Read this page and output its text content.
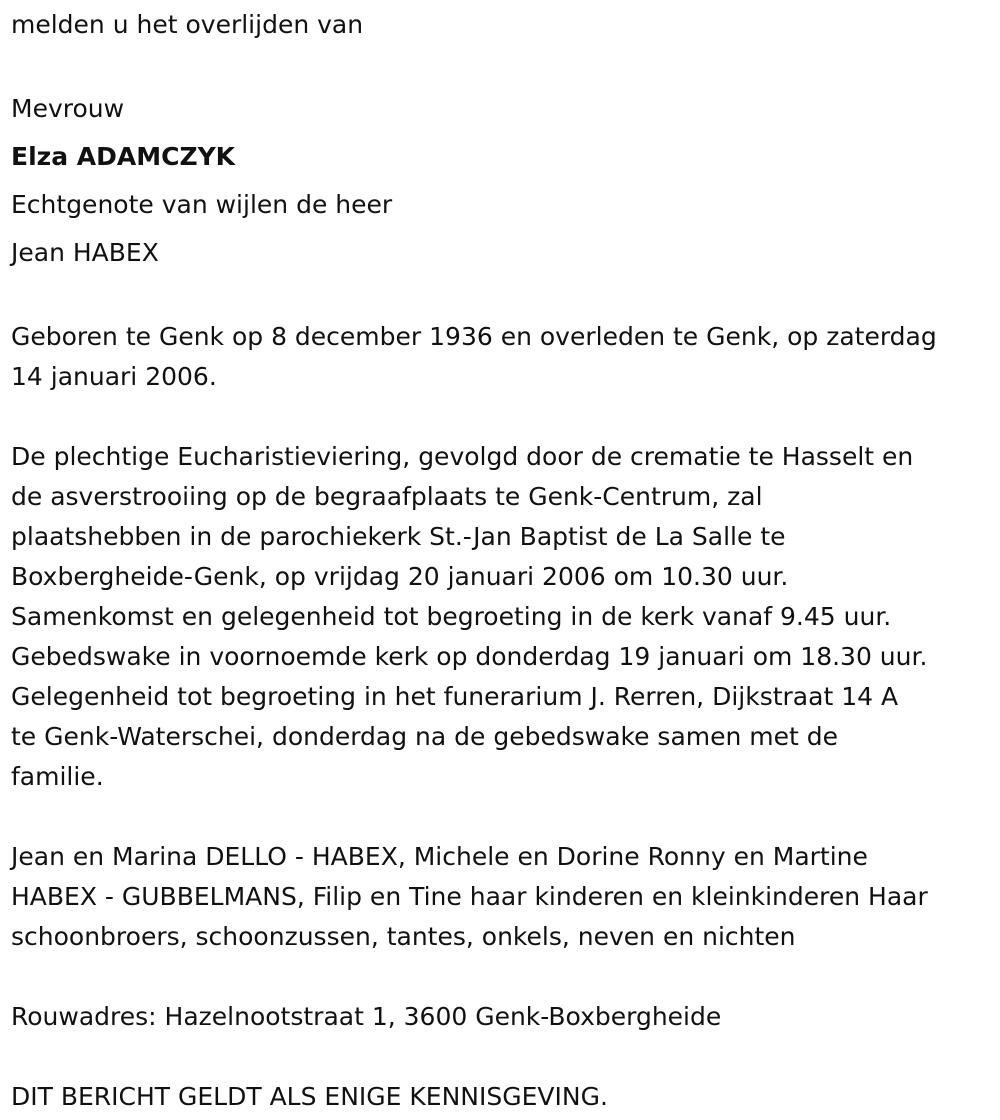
melden u het overlijden van

Mevrouw

Elza ADAMCZYK

Echtgenote van wijlen de heer

Jean HABEX

Geboren te Genk op 8 december 1936 en overleden te Genk, op zaterdag

14 januari 2006.

De plechtige Eucharistieviering, gevolgd door de crematie te Hasselt en

de asverstrooiing op de begraafplaats te Genk-Centrum, zal

plaatshebben in de parochiekerk St.-Jan Baptist de La Salle te

Boxbergheide-Genk, op vrijdag 20 januari 2006 om 10.30 uur.

Samenkomst en gelegenheid tot begroeting in de kerk vanaf 9.45 uur.

Gebedswake in voornoemde kerk op donderdag 19 januari om 18.30 uur.

Gelegenheid tot begroeting in het funerarium J. Rerren, Dijkstraat 14 A

te Genk-Waterschei, donderdag na de gebedswake samen met de

familie.

Jean en Marina DELLO - HABEX, Michele en Dorine Ronny en Martine

HABEX - GUBBELMANS, Filip en Tine haar kinderen en kleinkinderen Haar

schoonbroers, schoonzussen, tantes, onkels, neven en nichten

Rouwadres: Hazelnootstraat 1, 3600 Genk-Boxbergheide

DIT BERICHT GELDT ALS ENIGE KENNISGEVING.
